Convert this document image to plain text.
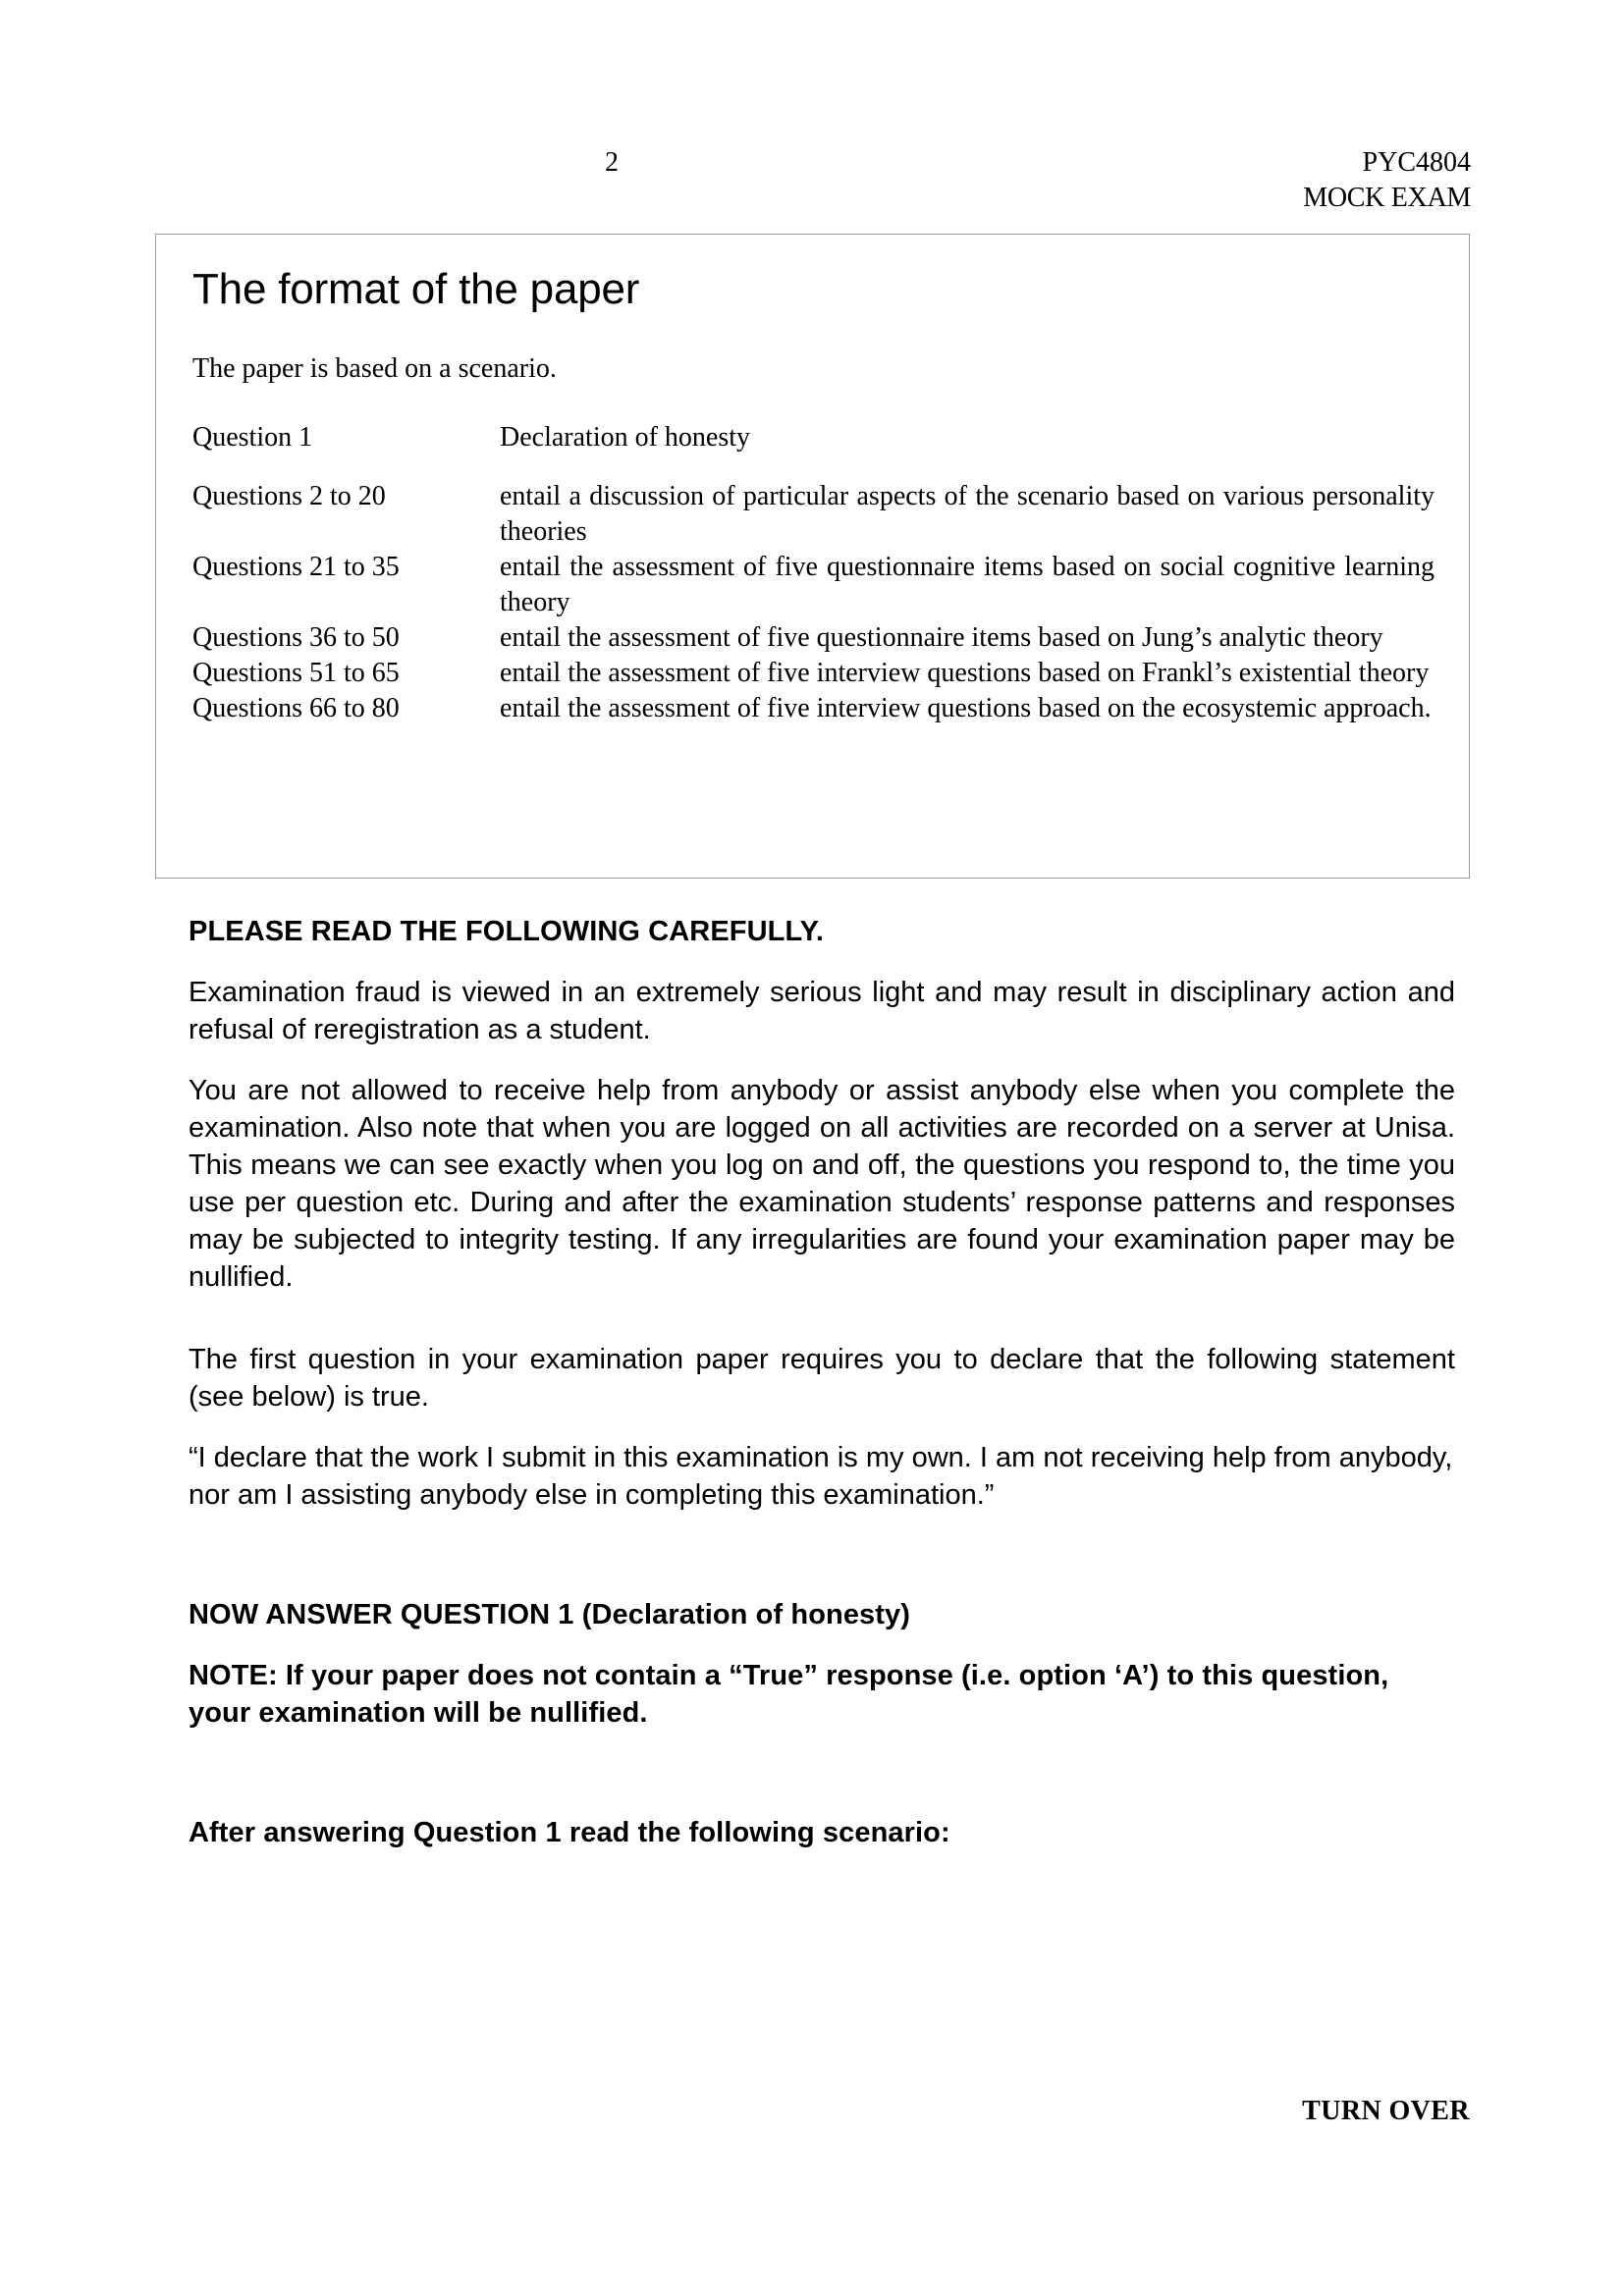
2	PYC4804
MOCK EXAM
The format of the paper
The paper is based on a scenario.
Question 1	Declaration of honesty
Questions 2 to 20	entail a discussion of particular aspects of the scenario based on various personality theories
Questions 21 to 35	entail the assessment of five questionnaire items based on social cognitive learning theory
Questions 36 to 50	entail the assessment of five questionnaire items based on Jung’s analytic theory
Questions 51 to 65	entail the assessment of five interview questions based on Frankl’s existential theory
Questions 66 to 80	entail the assessment of five interview questions based on the ecosystemic approach.

PLEASE READ THE FOLLOWING CAREFULLY.

Examination fraud is viewed in an extremely serious light and may result in disciplinary action and refusal of reregistration as a student.

You are not allowed to receive help from anybody or assist anybody else when you complete the examination. Also note that when you are logged on all activities are recorded on a server at Unisa. This means we can see exactly when you log on and off, the questions you respond to, the time you use per question etc. During and after the examination students’ response patterns and responses may be subjected to integrity testing. If any irregularities are found your examination paper may be nullified.

The first question in your examination paper requires you to declare that the following statement (see below) is true.

“I declare that the work I submit in this examination is my own. I am not receiving help from anybody, nor am I assisting anybody else in completing this examination.”

NOW ANSWER QUESTION 1 (Declaration of honesty)

NOTE: If your paper does not contain a “True” response (i.e. option ‘A’) to this question, your examination will be nullified.

After answering Question 1 read the following scenario:

TURN OVER
